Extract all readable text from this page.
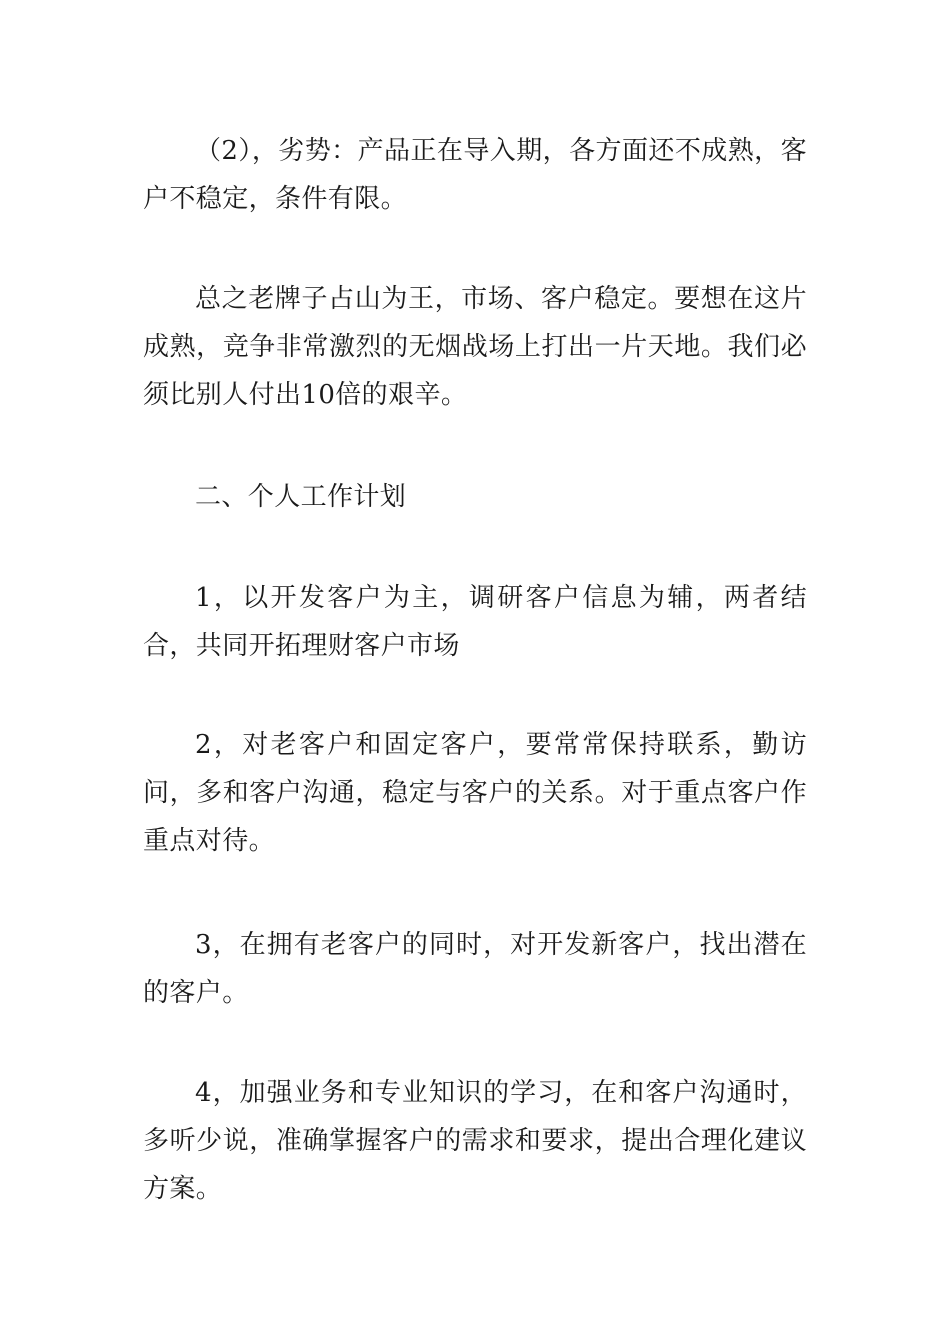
（2），劣势：产品正在导入期，各方面还不成熟，客户不稳定，条件有限。

总之老牌子占山为王，市场、客户稳定。要想在这片成熟，竞争非常激烈的无烟战场上打出一片天地。我们必须比别人付出10倍的艰辛。

二、个人工作计划

1，以开发客户为主，调研客户信息为辅，两者结合，共同开拓理财客户市场

2，对老客户和固定客户，要常常保持联系，勤访问，多和客户沟通，稳定与客户的关系。对于重点客户作重点对待。

3，在拥有老客户的同时，对开发新客户，找出潜在的客户。

4，加强业务和专业知识的学习，在和客户沟通时，多听少说，准确掌握客户的需求和要求，提出合理化建议方案。
